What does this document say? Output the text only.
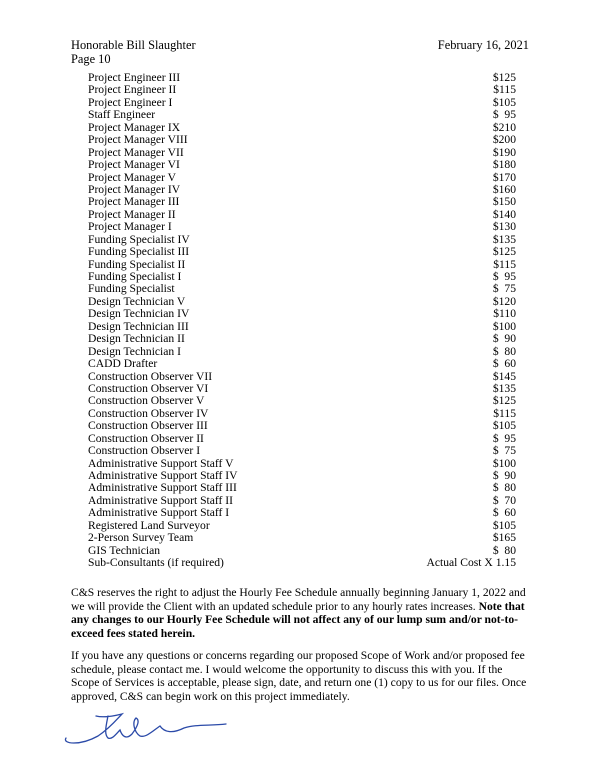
Honorable Bill Slaughter
Page 10
February 16, 2021
Project Engineer III	$125
Project Engineer II	$115
Project Engineer I	$105
Staff Engineer	$  95
Project Manager IX	$210
Project Manager VIII	$200
Project Manager VII	$190
Project Manager VI	$180
Project Manager V	$170
Project Manager IV	$160
Project Manager III	$150
Project Manager II	$140
Project Manager I	$130
Funding Specialist IV	$135
Funding Specialist III	$125
Funding Specialist II	$115
Funding Specialist I	$  95
Funding Specialist	$  75
Design Technician V	$120
Design Technician IV	$110
Design Technician III	$100
Design Technician II	$  90
Design Technician I	$  80
CADD Drafter	$  60
Construction Observer VII	$145
Construction Observer VI	$135
Construction Observer V	$125
Construction Observer IV	$115
Construction Observer III	$105
Construction Observer II	$  95
Construction Observer I	$  75
Administrative Support Staff V	$100
Administrative Support Staff IV	$  90
Administrative Support Staff III	$  80
Administrative Support Staff II	$  70
Administrative Support Staff I	$  60
Registered Land Surveyor	$105
2-Person Survey Team	$165
GIS Technician	$  80
Sub-Consultants (if required)	Actual Cost X 1.15
C&S reserves the right to adjust the Hourly Fee Schedule annually beginning January 1, 2022 and we will provide the Client with an updated schedule prior to any hourly rates increases. Note that any changes to our Hourly Fee Schedule will not affect any of our lump sum and/or not-to-exceed fees stated herein.
If you have any questions or concerns regarding our proposed Scope of Work and/or proposed fee schedule, please contact me. I would welcome the opportunity to discuss this with you. If the Scope of Services is acceptable, please sign, date, and return one (1) copy to us for our files. Once approved, C&S can begin work on this project immediately.
